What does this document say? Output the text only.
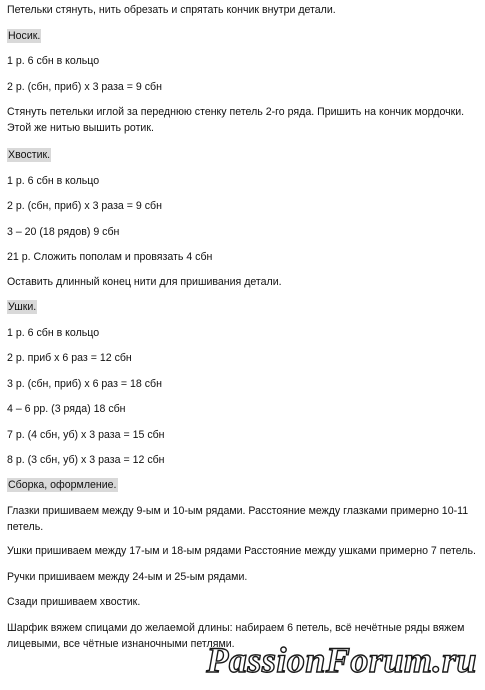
Петельки стянуть, нить обрезать и спрятать кончик внутри детали.

Носик.

1 р. 6 сбн в кольцо

2 р. (сбн, приб) х 3 раза = 9 сбн

Стянуть петельки иглой за переднюю стенку петель 2-го ряда. Пришить на кончик мордочки. Этой же нитью вышить ротик.

Хвостик.

1 р. 6 сбн в кольцо

2 р. (сбн, приб) х 3 раза = 9 сбн

3 – 20 (18 рядов) 9 сбн

21 р. Сложить пополам и провязать 4 сбн

Оставить длинный конец нити для пришивания детали.

Ушки.

1 р. 6 сбн в кольцо

2 р. приб х 6 раз = 12 сбн

3 р. (сбн, приб) х 6 раз = 18 сбн

4 – 6 рр. (3 ряда) 18 сбн

7 р. (4 сбн, уб) х 3 раза = 15 сбн

8 р. (3 сбн, уб) х 3 раза = 12 сбн

Сборка, оформление.

Глазки пришиваем между 9-ым и 10-ым рядами. Расстояние между глазками примерно 10-11 петель.

Ушки пришиваем между 17-ым и 18-ым рядами Расстояние между ушками примерно 7 петель.

Ручки пришиваем между 24-ым и 25-ым рядами.

Сзади пришиваем хвостик.

Шарфик вяжем спицами до желаемой длины: набираем 6 петель, всё нечётные ряды вяжем лицевыми, все чётные изнаночными петлями.

PassionForum.ru
